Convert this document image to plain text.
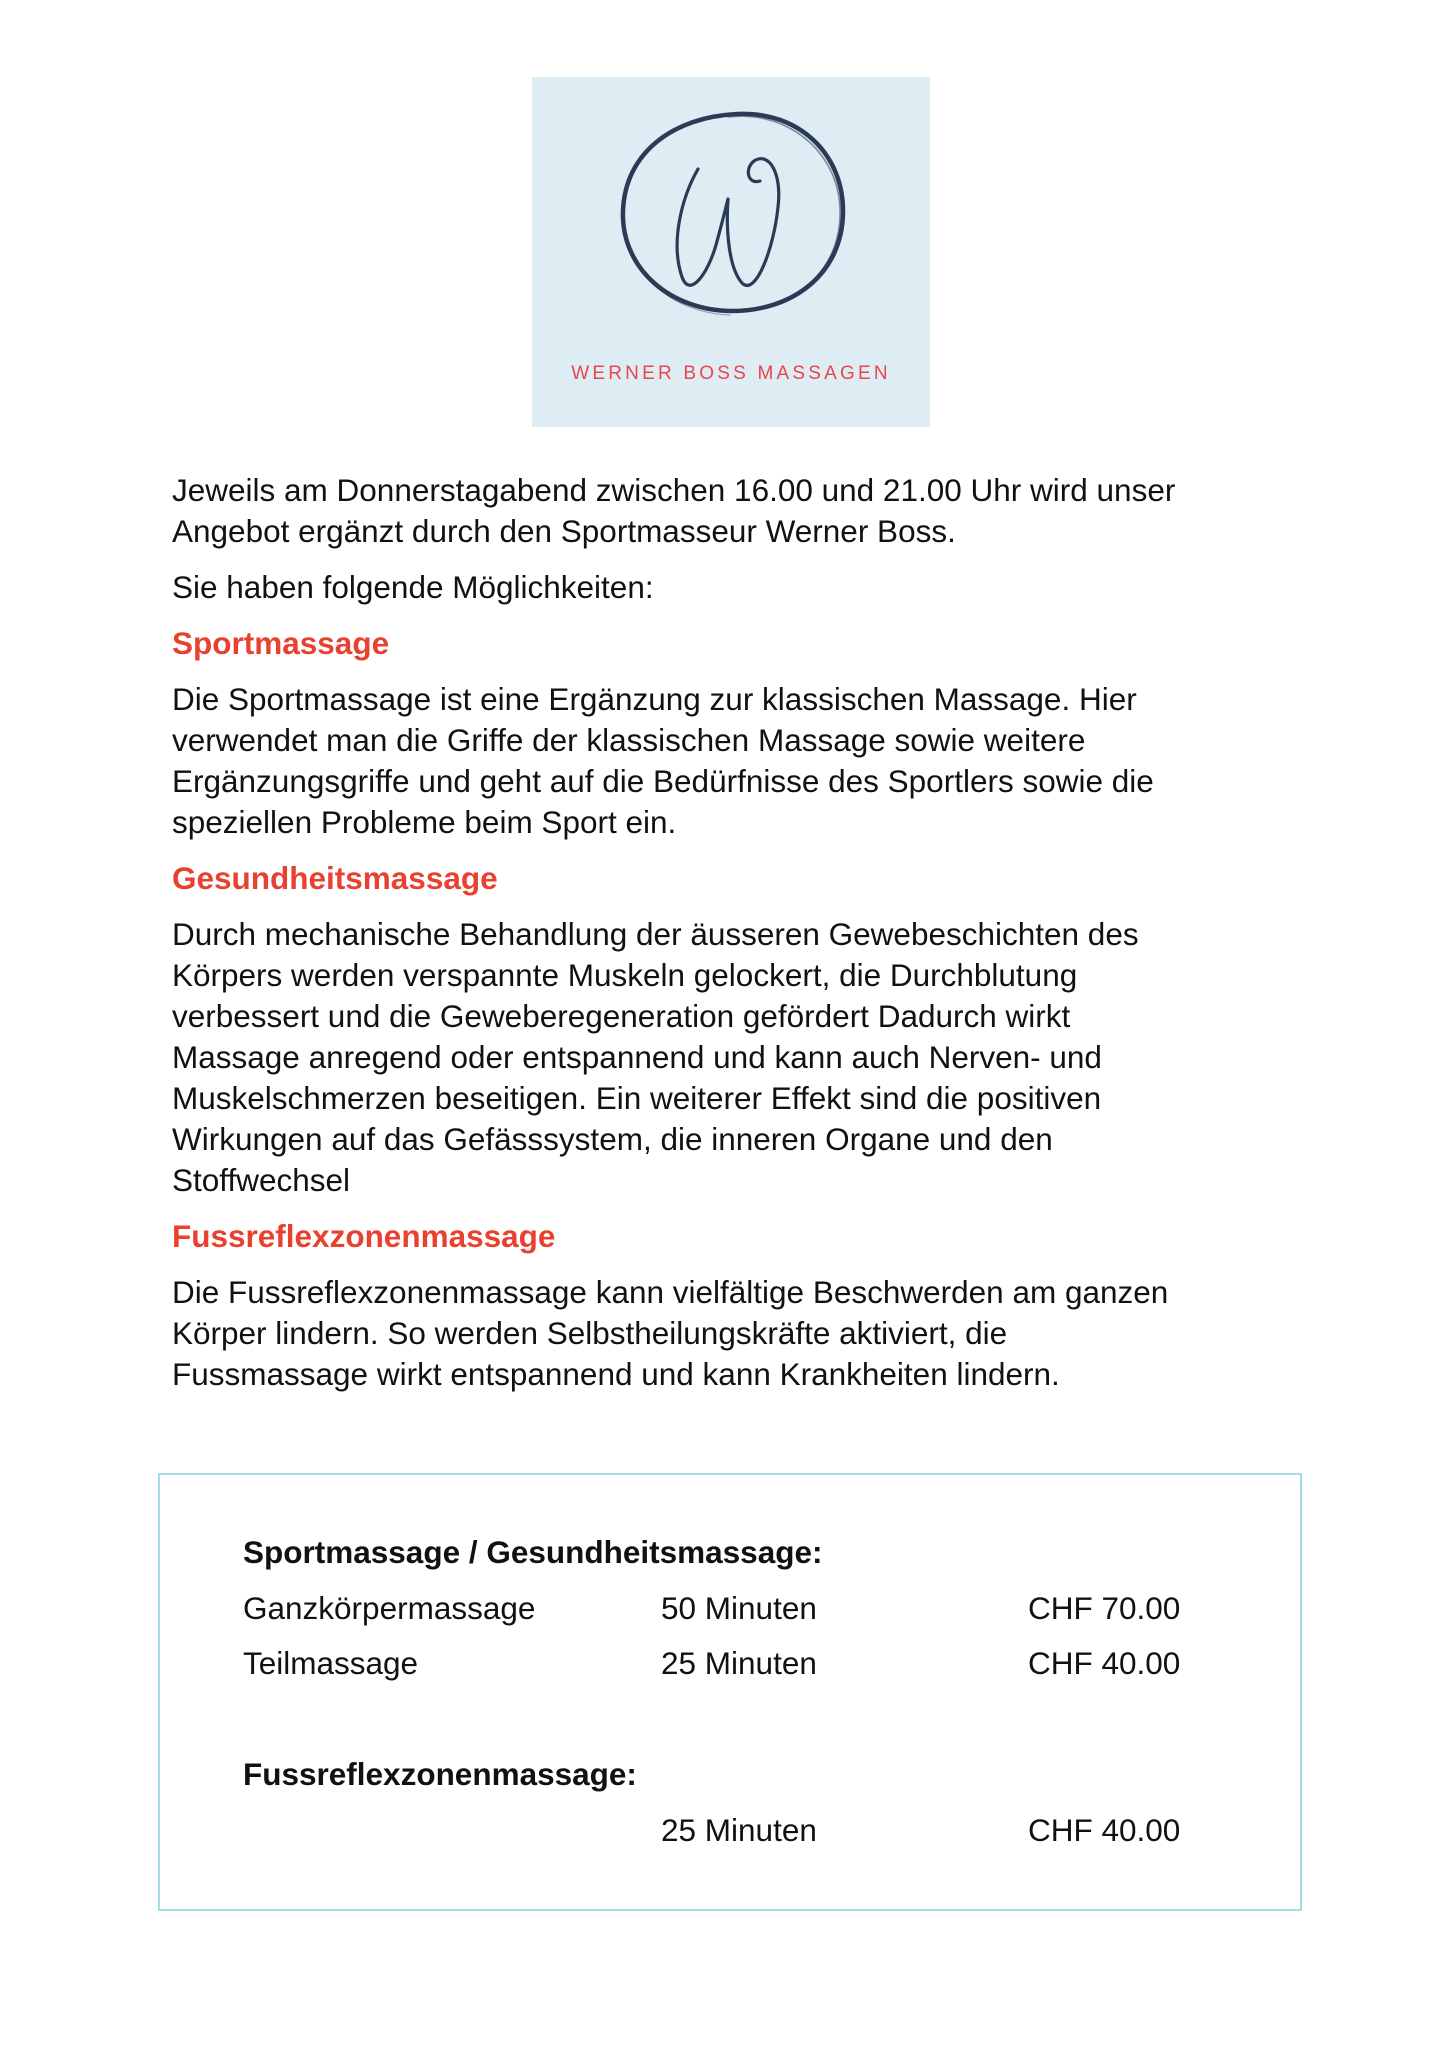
WERNER BOSS MASSAGEN

Jeweils am Donnerstagabend zwischen 16.00 und 21.00 Uhr wird unser

Angebot ergänzt durch den Sportmasseur Werner Boss.

Sie haben folgende Möglichkeiten:

Sportmassage

Die Sportmassage ist eine Ergänzung zur klassischen Massage. Hier

verwendet man die Griffe der klassischen Massage sowie weitere

Ergänzungsgriffe und geht auf die Bedürfnisse des Sportlers sowie die

speziellen Probleme beim Sport ein.

Gesundheitsmassage

Durch mechanische Behandlung der äusseren Gewebeschichten des

Körpers werden verspannte Muskeln gelockert, die Durchblutung

verbessert und die Geweberegeneration gefördert Dadurch wirkt

Massage anregend oder entspannend und kann auch Nerven- und

Muskelschmerzen beseitigen. Ein weiterer Effekt sind die positiven

Wirkungen auf das Gefässsystem, die inneren Organe und den

Stoffwechsel

Fussreflexzonenmassage

Die Fussreflexzonenmassage kann vielfältige Beschwerden am ganzen

Körper lindern. So werden Selbstheilungskräfte aktiviert, die

Fussmassage wirkt entspannend und kann Krankheiten lindern.

Sportmassage / Gesundheitsmassage:
Ganzkörpermassage	50 Minuten	CHF 70.00
Teilmassage	25 Minuten	CHF 40.00
Fussreflexzonenmassage:
25 Minuten	CHF 40.00
